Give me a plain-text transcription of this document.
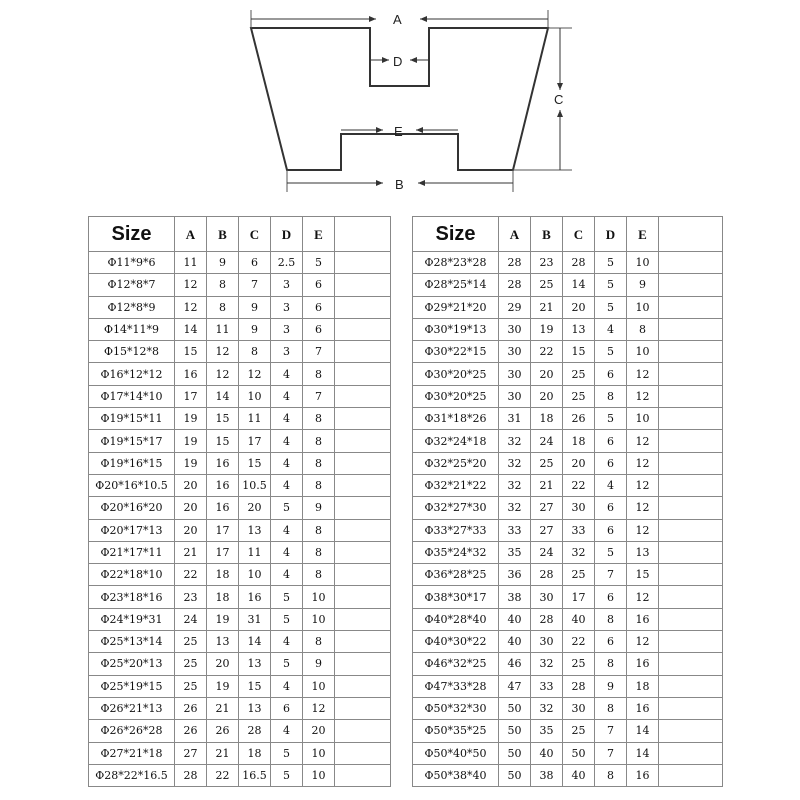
A
D
E
C
B
Size	A	B	C	D	E	
Φ11*9*6	11	9	6	2.5	5	
Φ12*8*7	12	8	7	3	6	
Φ12*8*9	12	8	9	3	6	
Φ14*11*9	14	11	9	3	6	
Φ15*12*8	15	12	8	3	7	
Φ16*12*12	16	12	12	4	8	
Φ17*14*10	17	14	10	4	7	
Φ19*15*11	19	15	11	4	8	
Φ19*15*17	19	15	17	4	8	
Φ19*16*15	19	16	15	4	8	
Φ20*16*10.5	20	16	10.5	4	8	
Φ20*16*20	20	16	20	5	9	
Φ20*17*13	20	17	13	4	8	
Φ21*17*11	21	17	11	4	8	
Φ22*18*10	22	18	10	4	8	
Φ23*18*16	23	18	16	5	10	
Φ24*19*31	24	19	31	5	10	
Φ25*13*14	25	13	14	4	8	
Φ25*20*13	25	20	13	5	9	
Φ25*19*15	25	19	15	4	10	
Φ26*21*13	26	21	13	6	12	
Φ26*26*28	26	26	28	4	20	
Φ27*21*18	27	21	18	5	10	
Φ28*22*16.5	28	22	16.5	5	10	
Size	A	B	C	D	E	
Φ28*23*28	28	23	28	5	10	
Φ28*25*14	28	25	14	5	9	
Φ29*21*20	29	21	20	5	10	
Φ30*19*13	30	19	13	4	8	
Φ30*22*15	30	22	15	5	10	
Φ30*20*25	30	20	25	6	12	
Φ30*20*25	30	20	25	8	12	
Φ31*18*26	31	18	26	5	10	
Φ32*24*18	32	24	18	6	12	
Φ32*25*20	32	25	20	6	12	
Φ32*21*22	32	21	22	4	12	
Φ32*27*30	32	27	30	6	12	
Φ33*27*33	33	27	33	6	12	
Φ35*24*32	35	24	32	5	13	
Φ36*28*25	36	28	25	7	15	
Φ38*30*17	38	30	17	6	12	
Φ40*28*40	40	28	40	8	16	
Φ40*30*22	40	30	22	6	12	
Φ46*32*25	46	32	25	8	16	
Φ47*33*28	47	33	28	9	18	
Φ50*32*30	50	32	30	8	16	
Φ50*35*25	50	35	25	7	14	
Φ50*40*50	50	40	50	7	14	
Φ50*38*40	50	38	40	8	16	
